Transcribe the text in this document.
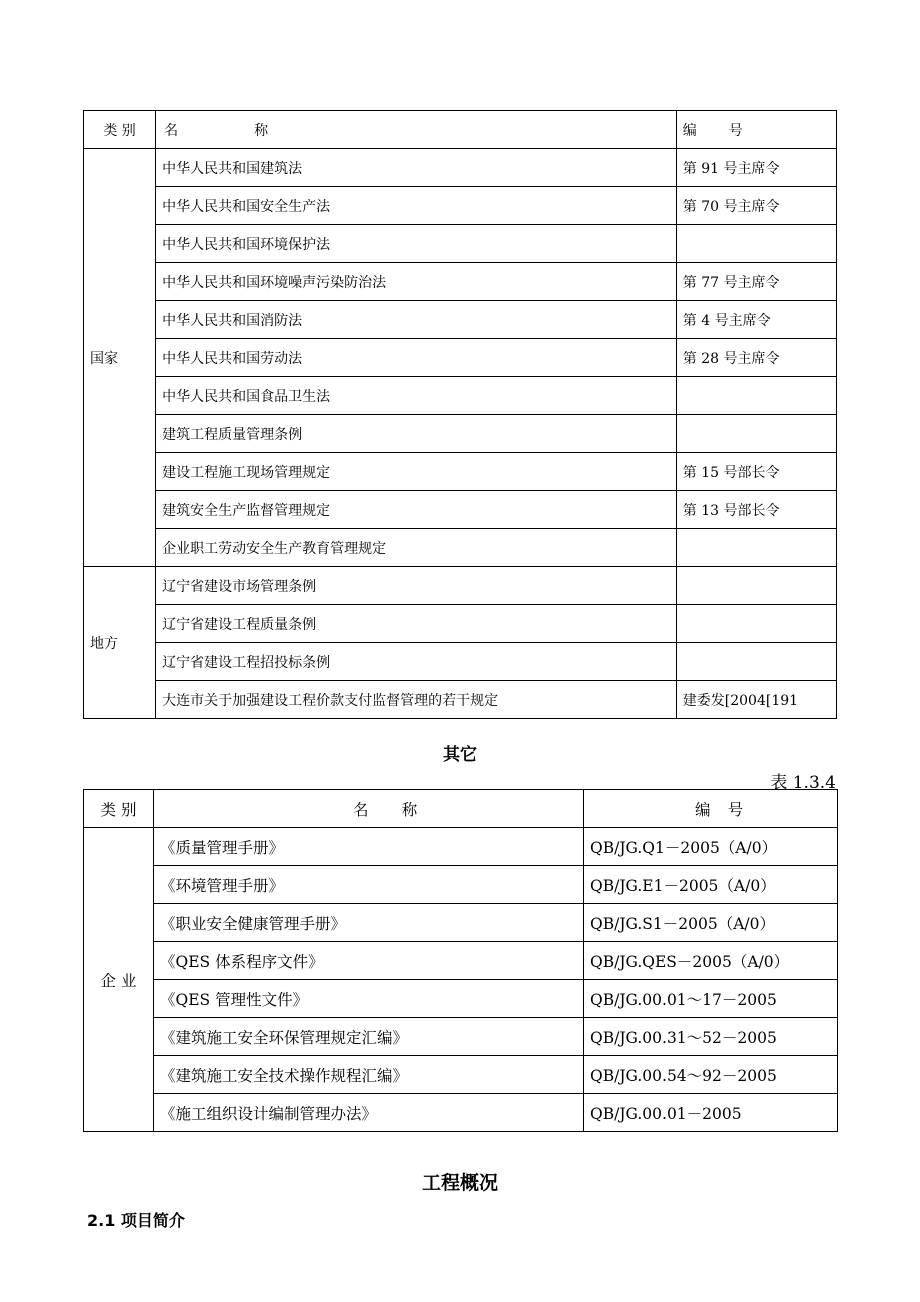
类 别	名 称	编 号
国家	中华人民共和国建筑法	第 91 号主席令
	中华人民共和国安全生产法	第 70 号主席令
	中华人民共和国环境保护法	
	中华人民共和国环境噪声污染防治法	第 77 号主席令
	中华人民共和国消防法	第 4 号主席令
	中华人民共和国劳动法	第 28 号主席令
	中华人民共和国食品卫生法	
	建筑工程质量管理条例	
	建设工程施工现场管理规定	第 15 号部长令
	建筑安全生产监督管理规定	第 13 号部长令
	企业职工劳动安全生产教育管理规定	
地方	辽宁省建设市场管理条例	
	辽宁省建设工程质量条例	
	辽宁省建设工程招投标条例	
	大连市关于加强建设工程价款支付监督管理的若干规定	建委发[2004[191
其它
表 1.3.4
类 别	名 称	编 号
企 业	《质量管理手册》	QB/JG.Q1－2005（A/0）
	《环境管理手册》	QB/JG.E1－2005（A/0）
	《职业安全健康管理手册》	QB/JG.S1－2005（A/0）
	《QES 体系程序文件》	QB/JG.QES－2005（A/0）
	《QES 管理性文件》	QB/JG.00.01～17－2005
	《建筑施工安全环保管理规定汇编》	QB/JG.00.31～52－2005
	《建筑施工安全技术操作规程汇编》	QB/JG.00.54～92－2005
	《施工组织设计编制管理办法》	QB/JG.00.01－2005
工程概况
2.1 项目简介
